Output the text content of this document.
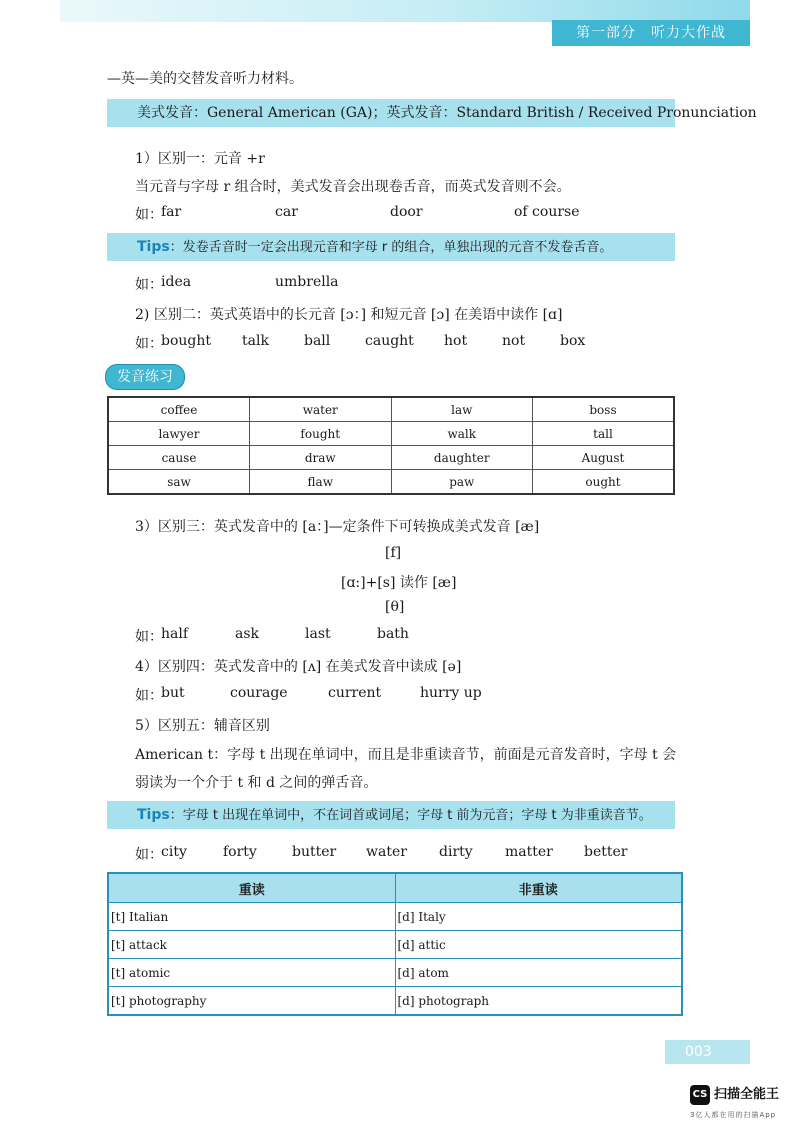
第一部分　听力大作战
—英—美的交替发音听力材料。
美式发音：General American (GA)；英式发音：Standard British / Received Pronunciation
1）区别一：元音 +r
当元音与字母 r 组合时，美式发音会出现卷舌音，而英式发音则不会。
如：
far	car	door	of course
Tips：发卷舌音时一定会出现元音和字母 r 的组合，单独出现的元音不发卷舌音。
如：
idea	umbrella
2) 区别二：英式英语中的长元音 [ɔ：] 和短元音 [ɔ] 在美语中读作 [ɑ]
如：
bought talk	ball caught hot not box
发音练习
coffee	water	law	boss
lawyer	fought	walk	tall
cause	draw	daughter	August
saw	flaw	paw	ought
3）区别三：英式发音中的 [a：]—定条件下可转换成美式发音 [æ]
[f]
[ɑ:]+[s] 读作 [æ]
[θ]
如：
half	ask	last	bath
4）区别四：英式发音中的 [ʌ] 在美式发音中读成 [ə]
如：
but	courage	current	hurry up
5）区别五：辅音区别
American t：字母 t 出现在单词中，而且是非重读音节，前面是元音发音时，字母 t 会
弱读为一个介于 t 和 d 之间的弹舌音。
Tips：字母 t 出现在单词中，不在词首或词尾；字母 t 前为元音；字母 t 为非重读音节。
如：
city	forty	butter water dirty matter better
重读	非重读
[t] Italian	[d] Italy
[t] attack	[d] attic
[t] atomic	[d] atom
[t] photography	[d] photograph
003
CS 扫描全能王
3亿人都在用的扫描App
